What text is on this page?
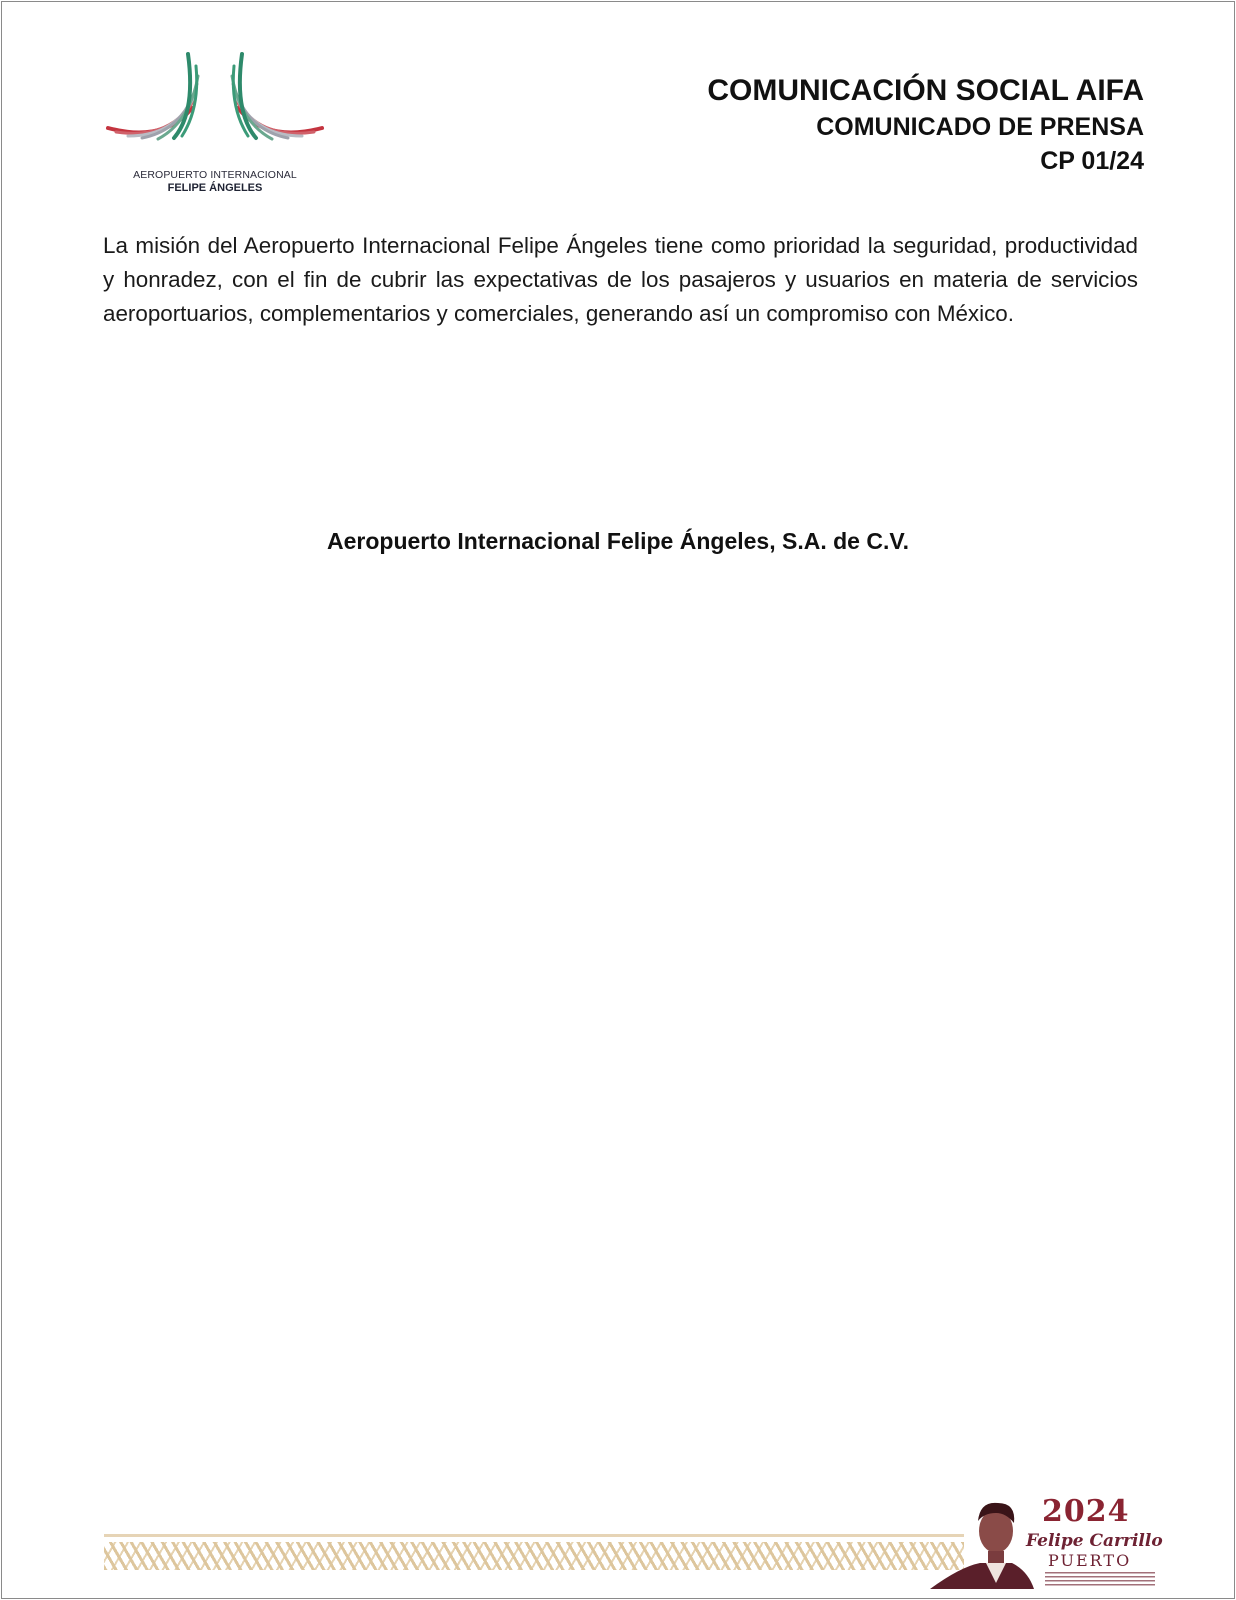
AEROPUERTO INTERNACIONAL
FELIPE ÁNGELES

COMUNICACIÓN SOCIAL AIFA

COMUNICADO DE PRENSA

CP 01/24

La misión del Aeropuerto Internacional Felipe Ángeles tiene como prioridad la seguridad, productividad y honradez, con el fin de cubrir las expectativas de los pasajeros y usuarios en materia de servicios aeroportuarios, complementarios y comerciales, generando así un compromiso con México.

Aeropuerto Internacional Felipe Ángeles, S.A. de C.V.

2024
Felipe Carrillo
PUERTO
